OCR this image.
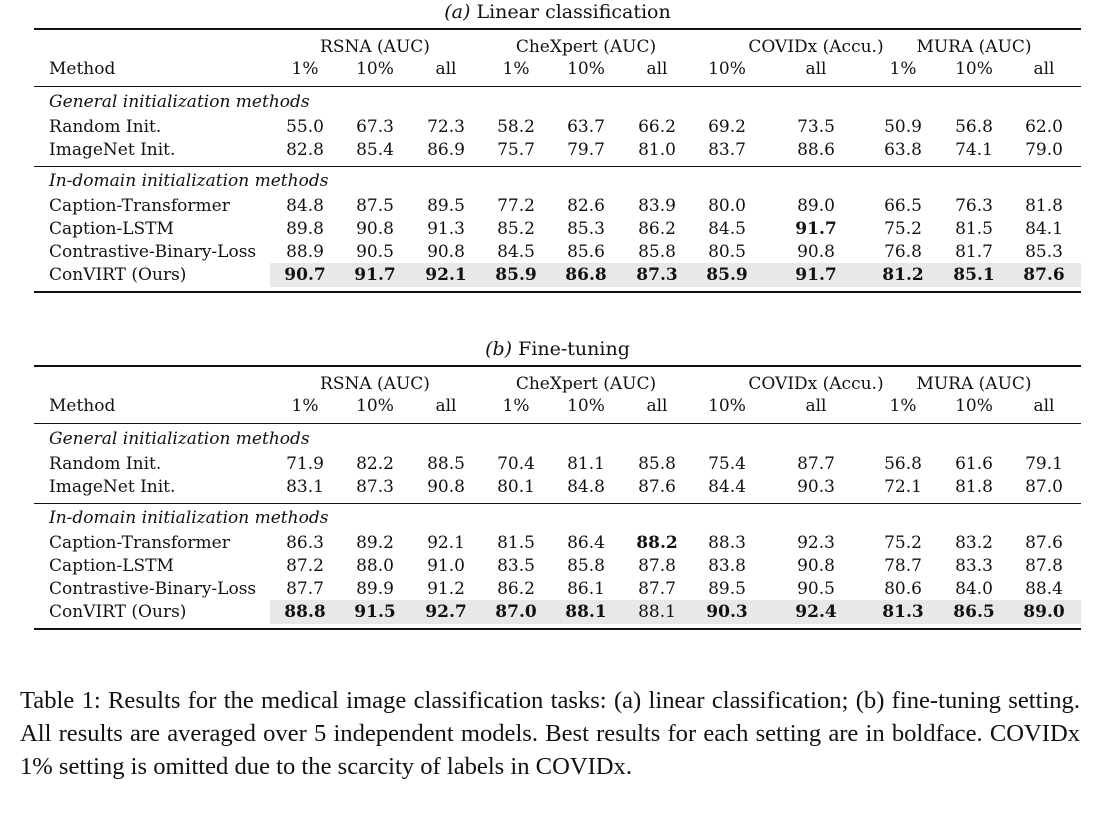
(a) Linear classification
RSNA (AUC)	CheXpert (AUC)	COVIDx (Accu.)	MURA (AUC)
Method	1%	10%	all	1%	10%	all	10%	all	1%	10%	all
General initialization methods
Random Init.	55.0	67.3	72.3	58.2	63.7	66.2	69.2	73.5	50.9	56.8	62.0
ImageNet Init.	82.8	85.4	86.9	75.7	79.7	81.0	83.7	88.6	63.8	74.1	79.0
In-domain initialization methods
Caption-Transformer	84.8	87.5	89.5	77.2	82.6	83.9	80.0	89.0	66.5	76.3	81.8
Caption-LSTM	89.8	90.8	91.3	85.2	85.3	86.2	84.5	91.7	75.2	81.5	84.1
Contrastive-Binary-Loss	88.9	90.5	90.8	84.5	85.6	85.8	80.5	90.8	76.8	81.7	85.3
ConVIRT (Ours)	90.7	91.7	92.1	85.9	86.8	87.3	85.9	91.7	81.2	85.1	87.6
(b) Fine-tuning
RSNA (AUC)	CheXpert (AUC)	COVIDx (Accu.)	MURA (AUC)
Method	1%	10%	all	1%	10%	all	10%	all	1%	10%	all
General initialization methods
Random Init.	71.9	82.2	88.5	70.4	81.1	85.8	75.4	87.7	56.8	61.6	79.1
ImageNet Init.	83.1	87.3	90.8	80.1	84.8	87.6	84.4	90.3	72.1	81.8	87.0
In-domain initialization methods
Caption-Transformer	86.3	89.2	92.1	81.5	86.4	88.2	88.3	92.3	75.2	83.2	87.6
Caption-LSTM	87.2	88.0	91.0	83.5	85.8	87.8	83.8	90.8	78.7	83.3	87.8
Contrastive-Binary-Loss	87.7	89.9	91.2	86.2	86.1	87.7	89.5	90.5	80.6	84.0	88.4
ConVIRT (Ours)	88.8	91.5	92.7	87.0	88.1	88.1	90.3	92.4	81.3	86.5	89.0
Table 1: Results for the medical image classification tasks: (a) linear classification; (b) fine-tuning setting. All results are averaged over 5 independent models. Best results for each setting are in boldface. COVIDx 1% setting is omitted due to the scarcity of labels in COVIDx.
